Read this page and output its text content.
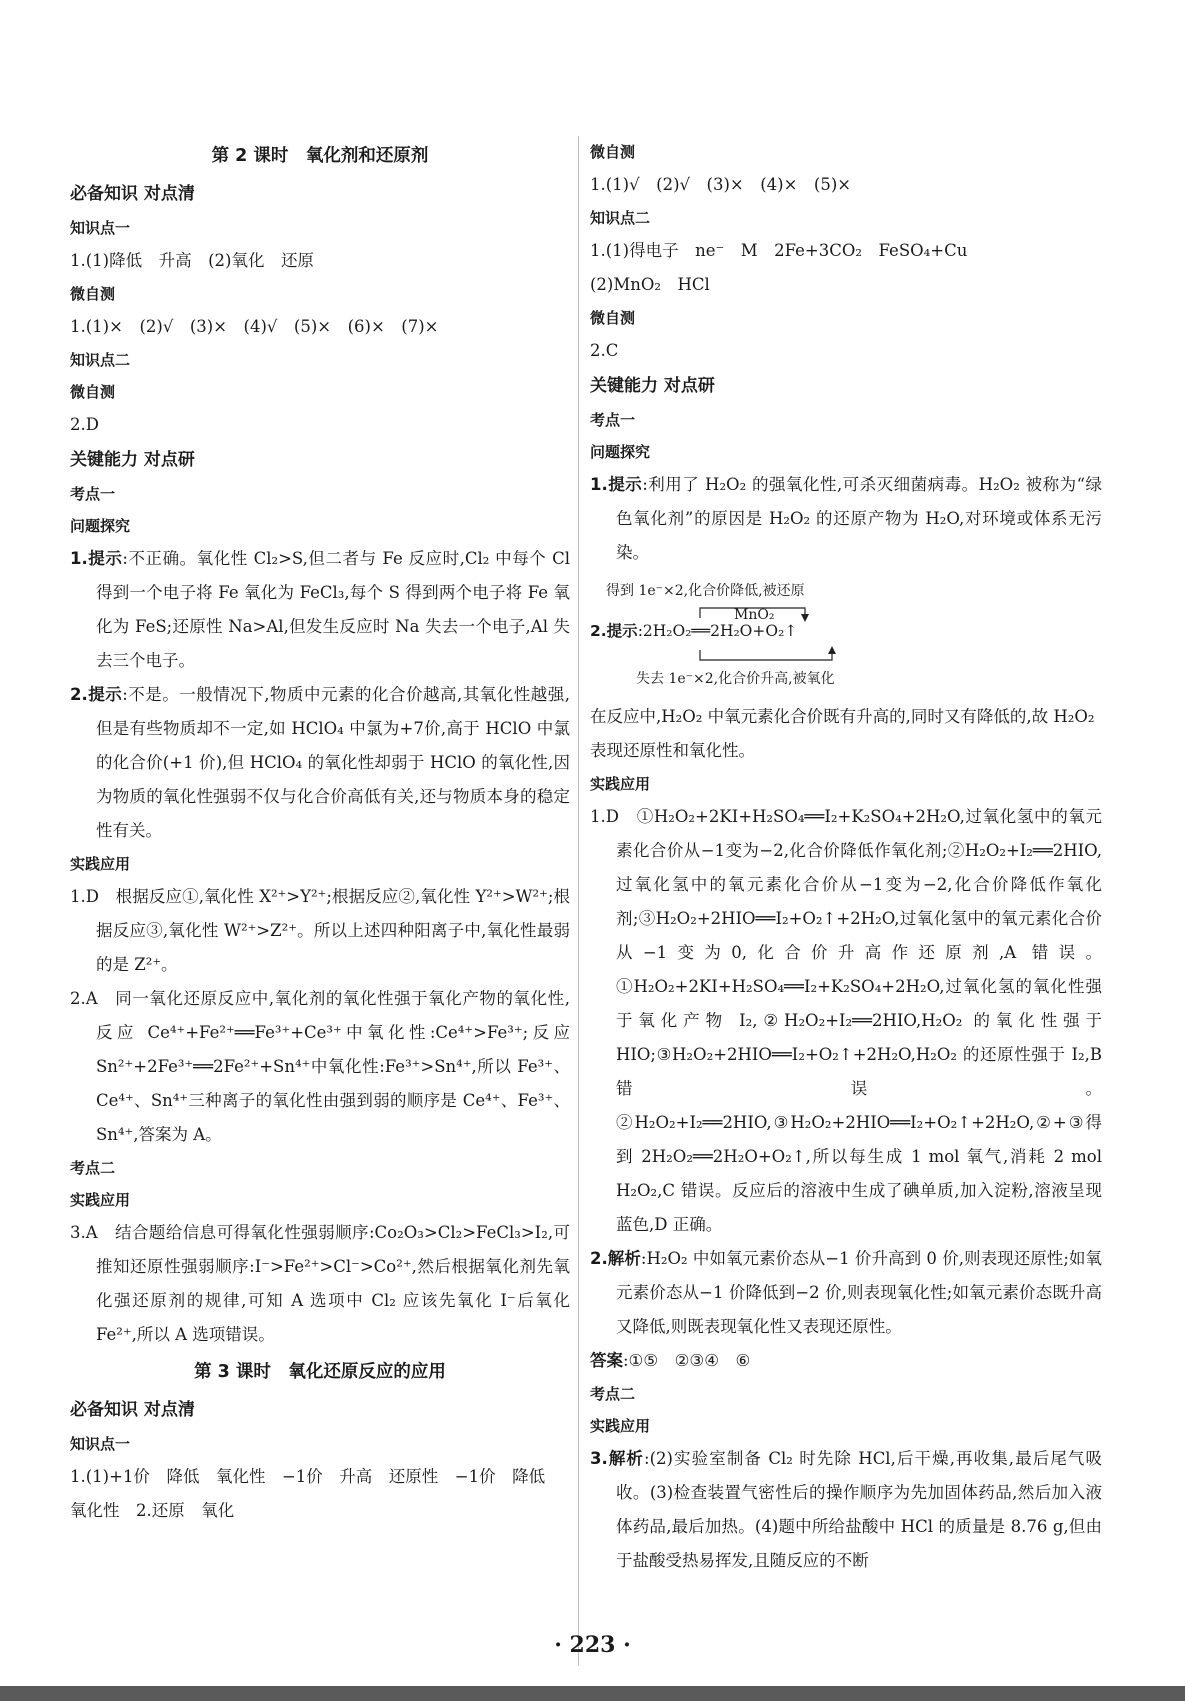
第 2 课时　氧化剂和还原剂
必备知识 对点清
知识点一
1.(1)降低　升高　(2)氧化　还原
微自测
1.(1)×　(2)√　(3)×　(4)√　(5)×　(6)×　(7)×
知识点二
微自测
2.D
关键能力 对点研
考点一
问题探究
1.提示:不正确。氧化性 Cl₂>S,但二者与 Fe 反应时,Cl₂ 中每个 Cl 得到一个电子将 Fe 氧化为 FeCl₃,每个 S 得到两个电子将 Fe 氧化为 FeS;还原性 Na>Al,但发生反应时 Na 失去一个电子,Al 失去三个电子。
2.提示:不是。一般情况下,物质中元素的化合价越高,其氧化性越强,但是有些物质却不一定,如 HClO₄ 中氯为+7价,高于 HClO 中氯的化合价(+1 价),但 HClO₄ 的氧化性却弱于 HClO 的氧化性,因为物质的氧化性强弱不仅与化合价高低有关,还与物质本身的稳定性有关。
实践应用
1.D　根据反应①,氧化性 X²⁺>Y²⁺;根据反应②,氧化性 Y²⁺>W²⁺;根据反应③,氧化性 W²⁺>Z²⁺。所以上述四种阳离子中,氧化性最弱的是 Z²⁺。
2.A　同一氧化还原反应中,氧化剂的氧化性强于氧化产物的氧化性,反应 Ce⁴⁺+Fe²⁺══Fe³⁺+Ce³⁺中氧化性:Ce⁴⁺>Fe³⁺;反应 Sn²⁺+2Fe³⁺══2Fe²⁺+Sn⁴⁺中氧化性:Fe³⁺>Sn⁴⁺,所以 Fe³⁺、Ce⁴⁺、Sn⁴⁺三种离子的氧化性由强到弱的顺序是 Ce⁴⁺、Fe³⁺、Sn⁴⁺,答案为 A。
考点二
实践应用
3.A　结合题给信息可得氧化性强弱顺序:Co₂O₃>Cl₂>FeCl₃>I₂,可推知还原性强弱顺序:I⁻>Fe²⁺>Cl⁻>Co²⁺,然后根据氧化剂先氧化强还原剂的规律,可知 A 选项中 Cl₂ 应该先氧化 I⁻后氧化 Fe²⁺,所以 A 选项错误。
第 3 课时　氧化还原反应的应用
必备知识 对点清
知识点一
1.(1)+1价　降低　氧化性　−1价　升高　还原性　−1价　降低　氧化性　2.还原　氧化
微自测
1.(1)√　(2)√　(3)×　(4)×　(5)×
知识点二
1.(1)得电子　ne⁻　M　2Fe+3CO₂　FeSO₄+Cu
(2)MnO₂　HCl
微自测
2.C
关键能力 对点研
考点一
问题探究
1.提示:利用了 H₂O₂ 的强氧化性,可杀灭细菌病毒。H₂O₂ 被称为“绿色氧化剂”的原因是 H₂O₂ 的还原产物为 H₂O,对环境或体系无污染。
得到 1e⁻×2,化合价降低,被还原
MnO₂
2.提示:2H₂O₂══2H₂O+O₂↑
失去 1e⁻×2,化合价升高,被氧化
在反应中,H₂O₂ 中氧元素化合价既有升高的,同时又有降低的,故 H₂O₂ 表现还原性和氧化性。
实践应用
1.D　①H₂O₂+2KI+H₂SO₄══I₂+K₂SO₄+2H₂O,过氧化氢中的氧元素化合价从−1变为−2,化合价降低作氧化剂;②H₂O₂+I₂══2HIO,过氧化氢中的氧元素化合价从−1变为−2,化合价降低作氧化剂;③H₂O₂+2HIO══I₂+O₂↑+2H₂O,过氧化氢中的氧元素化合价从−1变为0,化合价升高作还原剂,A 错误。①H₂O₂+2KI+H₂SO₄══I₂+K₂SO₄+2H₂O,过氧化氢的氧化性强于氧化产物 I₂,②H₂O₂+I₂══2HIO,H₂O₂ 的氧化性强于 HIO;③H₂O₂+2HIO══I₂+O₂↑+2H₂O,H₂O₂ 的还原性强于 I₂,B 错误。②H₂O₂+I₂══2HIO,③H₂O₂+2HIO══I₂+O₂↑+2H₂O,②+③得到 2H₂O₂══2H₂O+O₂↑,所以每生成 1 mol 氧气,消耗 2 mol H₂O₂,C 错误。反应后的溶液中生成了碘单质,加入淀粉,溶液呈现蓝色,D 正确。
2.解析:H₂O₂ 中如氧元素价态从−1 价升高到 0 价,则表现还原性;如氧元素价态从−1 价降低到−2 价,则表现氧化性;如氧元素价态既升高又降低,则既表现氧化性又表现还原性。
答案:①⑤　②③④　⑥
考点二
实践应用
3.解析:(2)实验室制备 Cl₂ 时先除 HCl,后干燥,再收集,最后尾气吸收。(3)检查装置气密性后的操作顺序为先加固体药品,然后加入液体药品,最后加热。(4)题中所给盐酸中 HCl 的质量是 8.76 g,但由于盐酸受热易挥发,且随反应的不断
· 223 ·
